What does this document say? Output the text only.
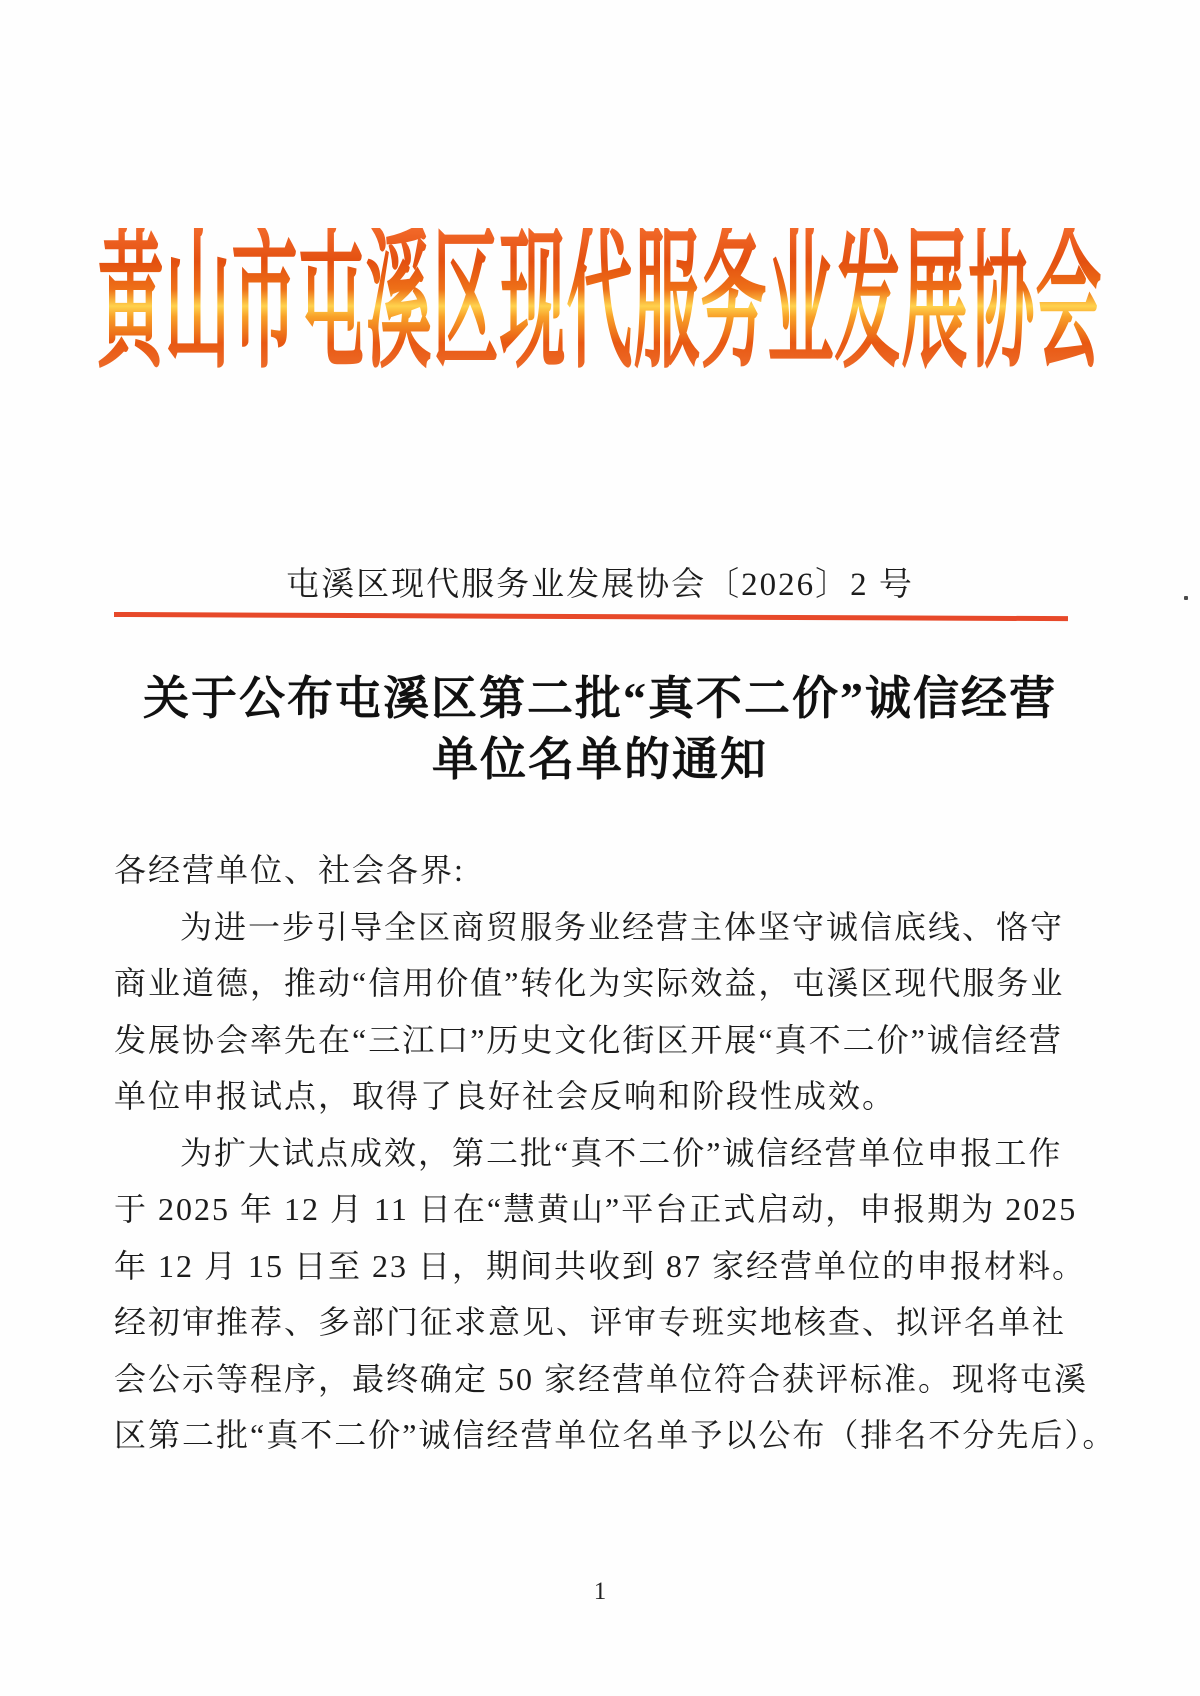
黄山市屯溪区现代服务业发展协会
屯溪区现代服务业发展协会〔2026〕2 号
关于公布屯溪区第二批“真不二价”诚信经营
单位名单的通知
各经营单位、社会各界:
为进一步引导全区商贸服务业经营主体坚守诚信底线、恪守
商业道德，推动“信用价值”转化为实际效益，屯溪区现代服务业
发展协会率先在“三江口”历史文化街区开展“真不二价”诚信经营
单位申报试点，取得了良好社会反响和阶段性成效。
为扩大试点成效，第二批“真不二价”诚信经营单位申报工作
于 2025 年 12 月 11 日在“慧黄山”平台正式启动，申报期为 2025
年 12 月 15 日至 23 日，期间共收到 87 家经营单位的申报材料。
经初审推荐、多部门征求意见、评审专班实地核查、拟评名单社
会公示等程序，最终确定 50 家经营单位符合获评标准。现将屯溪
区第二批“真不二价”诚信经营单位名单予以公布（排名不分先后）。
1
